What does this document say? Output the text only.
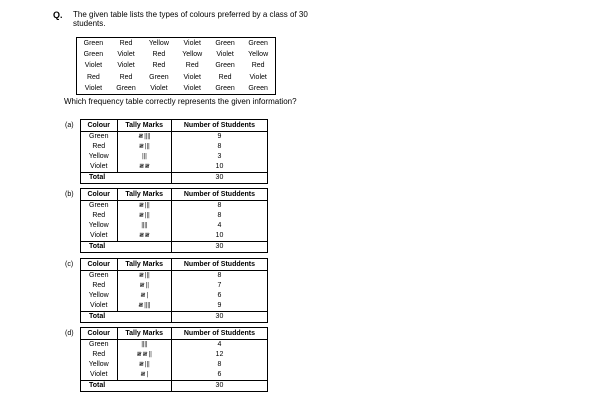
Q. The given table lists the types of colours preferred by a class of 30 students.
Green	Red	Yellow	Violet	Green	Green
Green	Violet	Red	Yellow	Violet	Yellow
Violet	Violet	Red	Red	Green	Red
Red	Red	Green	Violet	Red	Violet
Violet	Green	Violet	Violet	Green	Green
Which frequency table correctly represents the given information?
(a) Colour	Tally Marks	Number of Studdents
Green	𝍸 ||||	9
Red	𝍸 |||	8
Yellow	|||	3
Violet	𝍸 𝍸	10
Total		30
(b) Colour	Tally Marks	Number of Studdents
Green	𝍸 |||	8
Red	𝍸 |||	8
Yellow	||||	4
Violet	𝍸 𝍸	10
Total		30
(c) Colour	Tally Marks	Number of Studdents
Green	𝍸 |||	8
Red	𝍸 ||	7
Yellow	𝍸 |	6
Violet	𝍸 ||||	9
Total		30
(d) Colour	Tally Marks	Number of Studdents
Green	||||	4
Red	𝍸 𝍸 ||	12
Yellow	𝍸 |||	8
Violet	𝍸 |	6
Total		30
